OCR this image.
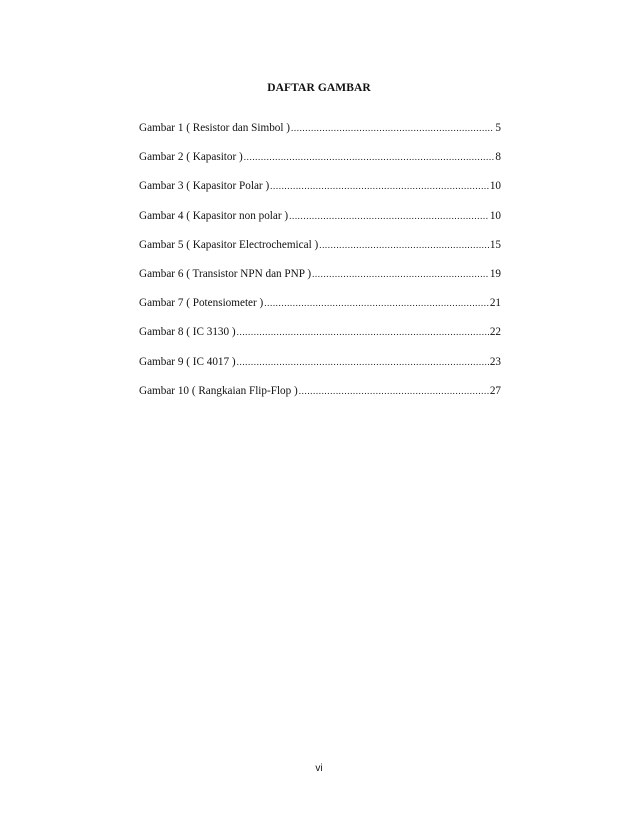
DAFTAR GAMBAR
Gambar 1 ( Resistor dan Simbol ) .....	5
Gambar 2 ( Kapasitor ) .....	8
Gambar 3 ( Kapasitor Polar ) .....	10
Gambar 4 ( Kapasitor non polar ) .....	10
Gambar 5 ( Kapasitor Electrochemical ) .....	15
Gambar 6 ( Transistor NPN dan PNP ) .....	19
Gambar 7 ( Potensiometer ) .....	21
Gambar 8 ( IC 3130 ) .....	22
Gambar 9 ( IC 4017 ) .....	23
Gambar 10 ( Rangkaian Flip-Flop ) .....	27
vi
